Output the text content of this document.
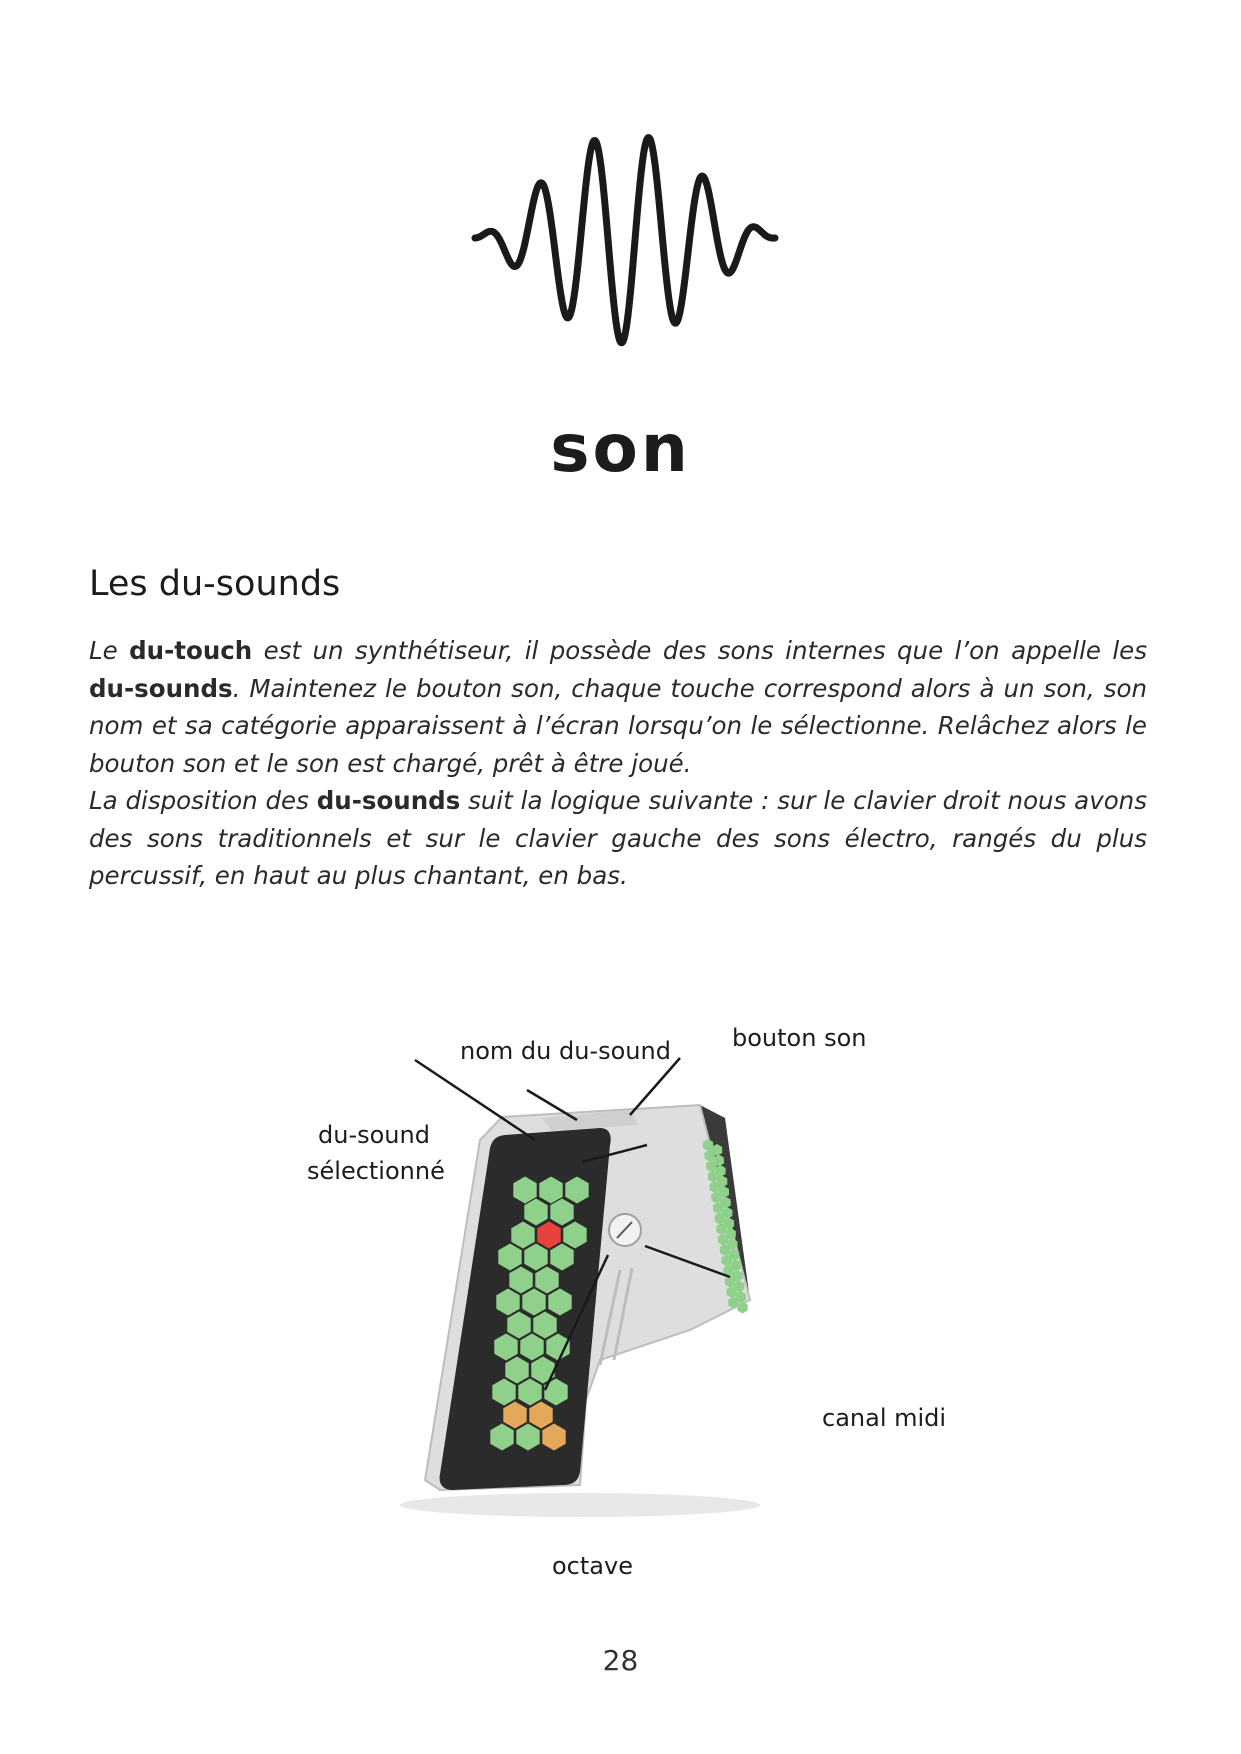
son
Les du-sounds
Le du-touch est un synthétiseur, il possède des sons internes que l’on appelle les du-sounds. Maintenez le bouton son, chaque touche correspond alors à un son, son nom et sa catégorie apparaissent à l’écran lorsqu’on le sélectionne. Relâchez alors le bouton son et le son est chargé, prêt à être joué.
La disposition des du-sounds suit la logique suivante : sur le clavier droit nous avons des sons traditionnels et sur le clavier gauche des sons électro, rangés du plus percussif, en haut au plus chantant, en bas.
nom du du-sound	bouton son
du-sound
sélectionné
canal midi
octave
28
